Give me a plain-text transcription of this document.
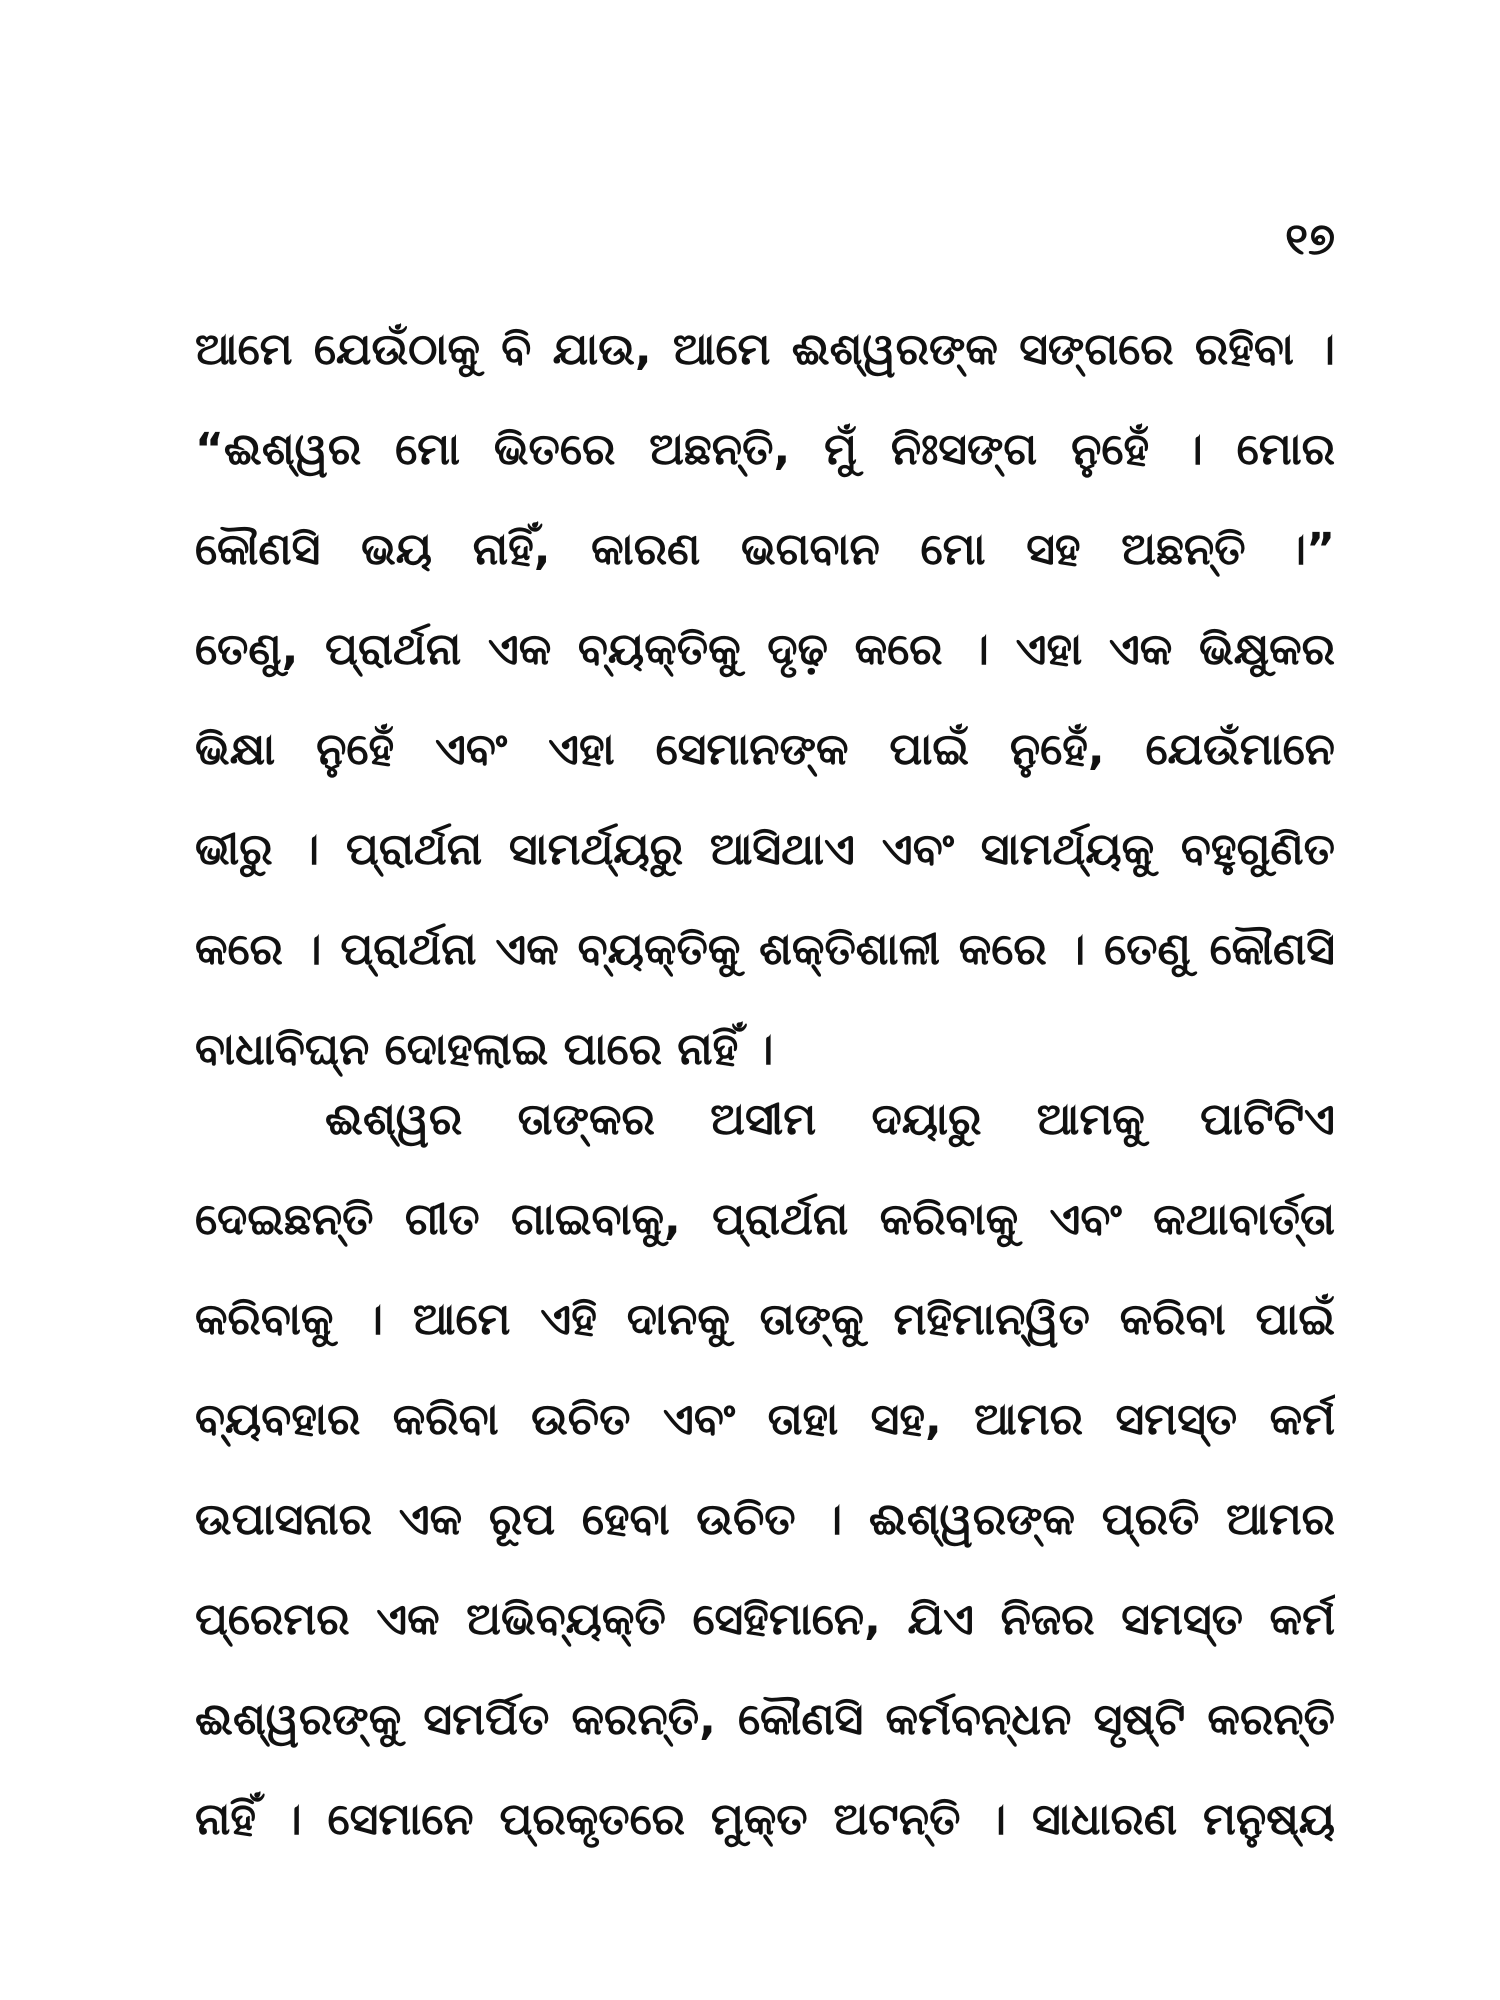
୧୭
ଆମେ ଯେଉଁଠାକୁ ବି ଯାଉ, ଆମେ ଈଶ୍ୱରଙ୍କ ସଙ୍ଗରେ ରହିବା ।
“ଈଶ୍ୱର ମୋ ଭିତରେ ଅଛନ୍ତି, ମୁଁ ନିଃସଙ୍ଗ ନୁହେଁ । ମୋର
କୌଣସି ଭୟ ନାହିଁ, କାରଣ ଭଗବାନ ମୋ ସହ ଅଛନ୍ତି ।”
ତେଣୁ, ପ୍ରାର୍ଥନା ଏକ ବ୍ୟକ୍ତିକୁ ଦୃଢ଼ କରେ । ଏହା ଏକ ଭିକ୍ଷୁକର
ଭିକ୍ଷା ନୁହେଁ ଏବଂ ଏହା ସେମାନଙ୍କ ପାଇଁ ନୁହେଁ, ଯେଉଁମାନେ
ଭୀରୁ । ପ୍ରାର୍ଥନା ସାମର୍ଥ୍ୟରୁ ଆସିଥାଏ ଏବଂ ସାମର୍ଥ୍ୟକୁ ବହୁଗୁଣିତ
କରେ । ପ୍ରାର୍ଥନା ଏକ ବ୍ୟକ୍ତିକୁ ଶକ୍ତିଶାଳୀ କରେ । ତେଣୁ କୌଣସି
ବାଧାବିଘ୍ନ ଦୋହଲାଇ ପାରେ ନାହିଁ ।
ଈଶ୍ୱର ତାଙ୍କର ଅସୀମ ଦୟାରୁ ଆମକୁ ପାଟିଟିଏ
ଦେଇଛନ୍ତି ଗୀତ ଗାଇବାକୁ, ପ୍ରାର୍ଥନା କରିବାକୁ ଏବଂ କଥାବାର୍ତ୍ତା
କରିବାକୁ । ଆମେ ଏହି ଦାନକୁ ତାଙ୍କୁ ମହିମାନ୍ୱିତ କରିବା ପାଇଁ
ବ୍ୟବହାର କରିବା ଉଚିତ ଏବଂ ତାହା ସହ, ଆମର ସମସ୍ତ କର୍ମ
ଉପାସନାର ଏକ ରୂପ ହେବା ଉଚିତ । ଈଶ୍ୱରଙ୍କ ପ୍ରତି ଆମର
ପ୍ରେମର ଏକ ଅଭିବ୍ୟକ୍ତି ସେହିମାନେ, ଯିଏ ନିଜର ସମସ୍ତ କର୍ମ
ଈଶ୍ୱରଙ୍କୁ ସମର୍ପିତ କରନ୍ତି, କୌଣସି କର୍ମବନ୍ଧନ ସୃଷ୍ଟି କରନ୍ତି
ନାହିଁ । ସେମାନେ ପ୍ରକୃତରେ ମୁକ୍ତ ଅଟନ୍ତି । ସାଧାରଣ ମନୁଷ୍ୟ
